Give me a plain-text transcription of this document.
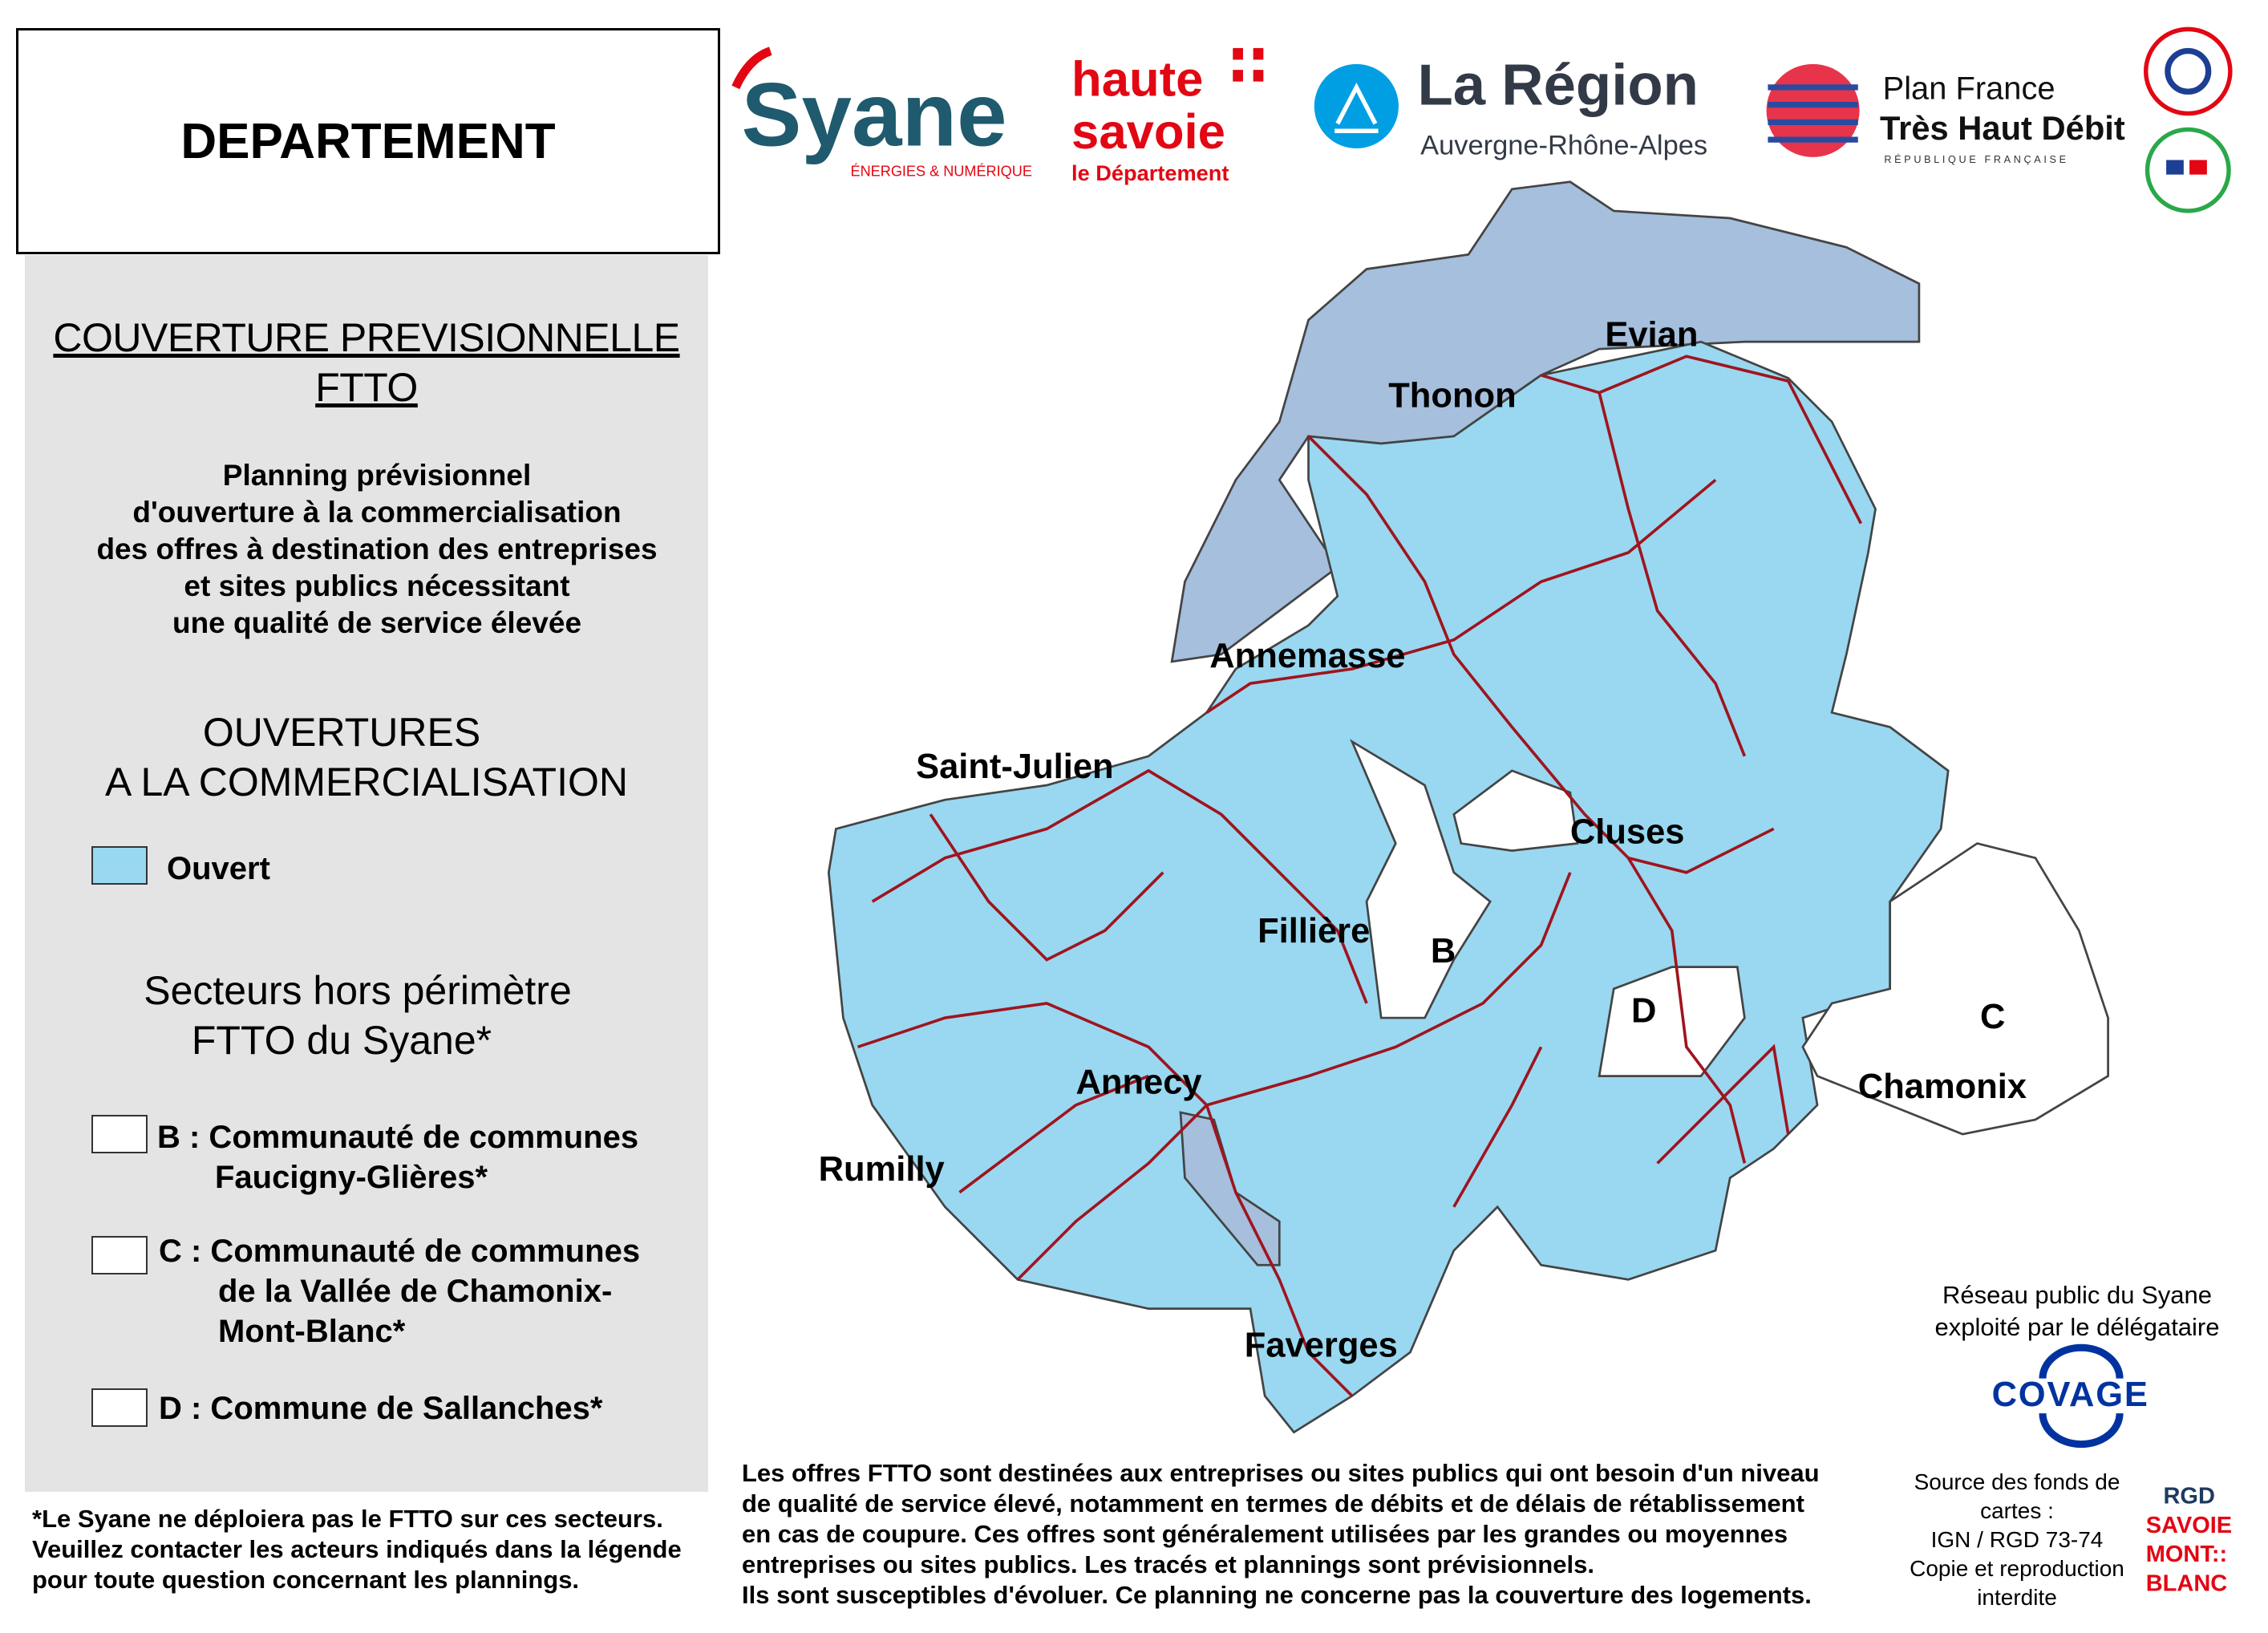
DEPARTEMENT
COUVERTURE PREVISIONNELLE
FTTO
Planning prévisionnel
d'ouverture à la commercialisation
des offres à destination des entreprises
et sites publics nécessitant
une qualité de service élevée
OUVERTURES
A LA COMMERCIALISATION
Ouvert
Secteurs hors périmètre
FTTO du Syane*
B : Communauté de communes
Faucigny-Glières*
C : Communauté de communes
de la Vallée de Chamonix-
Mont-Blanc*
D : Commune de Sallanches*
*Le Syane ne déploiera pas le FTTO sur ces secteurs.
Veuillez contacter les acteurs indiqués dans la légende
pour toute question concernant les plannings.
Les offres FTTO sont destinées aux entreprises ou sites publics qui ont besoin d'un niveau
de qualité de service élevé, notamment en termes de débits et de délais de rétablissement
en cas de coupure. Ces offres sont généralement utilisées par les grandes ou moyennes
entreprises ou sites publics. Les tracés et plannings sont prévisionnels.
Ils sont susceptibles d'évoluer. Ce planning ne concerne pas la couverture des logements.
Réseau public du Syane
exploité par le délégataire
Source des fonds de
cartes :
IGN / RGD 73-74
Copie et reproduction
interdite
Syane
ÉNERGIES & NUMÉRIQUE
haute
savoie
le Département
La Région
Auvergne-Rhône-Alpes
Plan France
Très Haut Débit
RÉPUBLIQUE FRANÇAISE
COVAGE
RGD
SAVOIE
MONT::
BLANC
Evian
Thonon
Annemasse
Saint-Julien
Cluses
Fillière
Annecy
Rumilly
Faverges
Chamonix
B
C
D
